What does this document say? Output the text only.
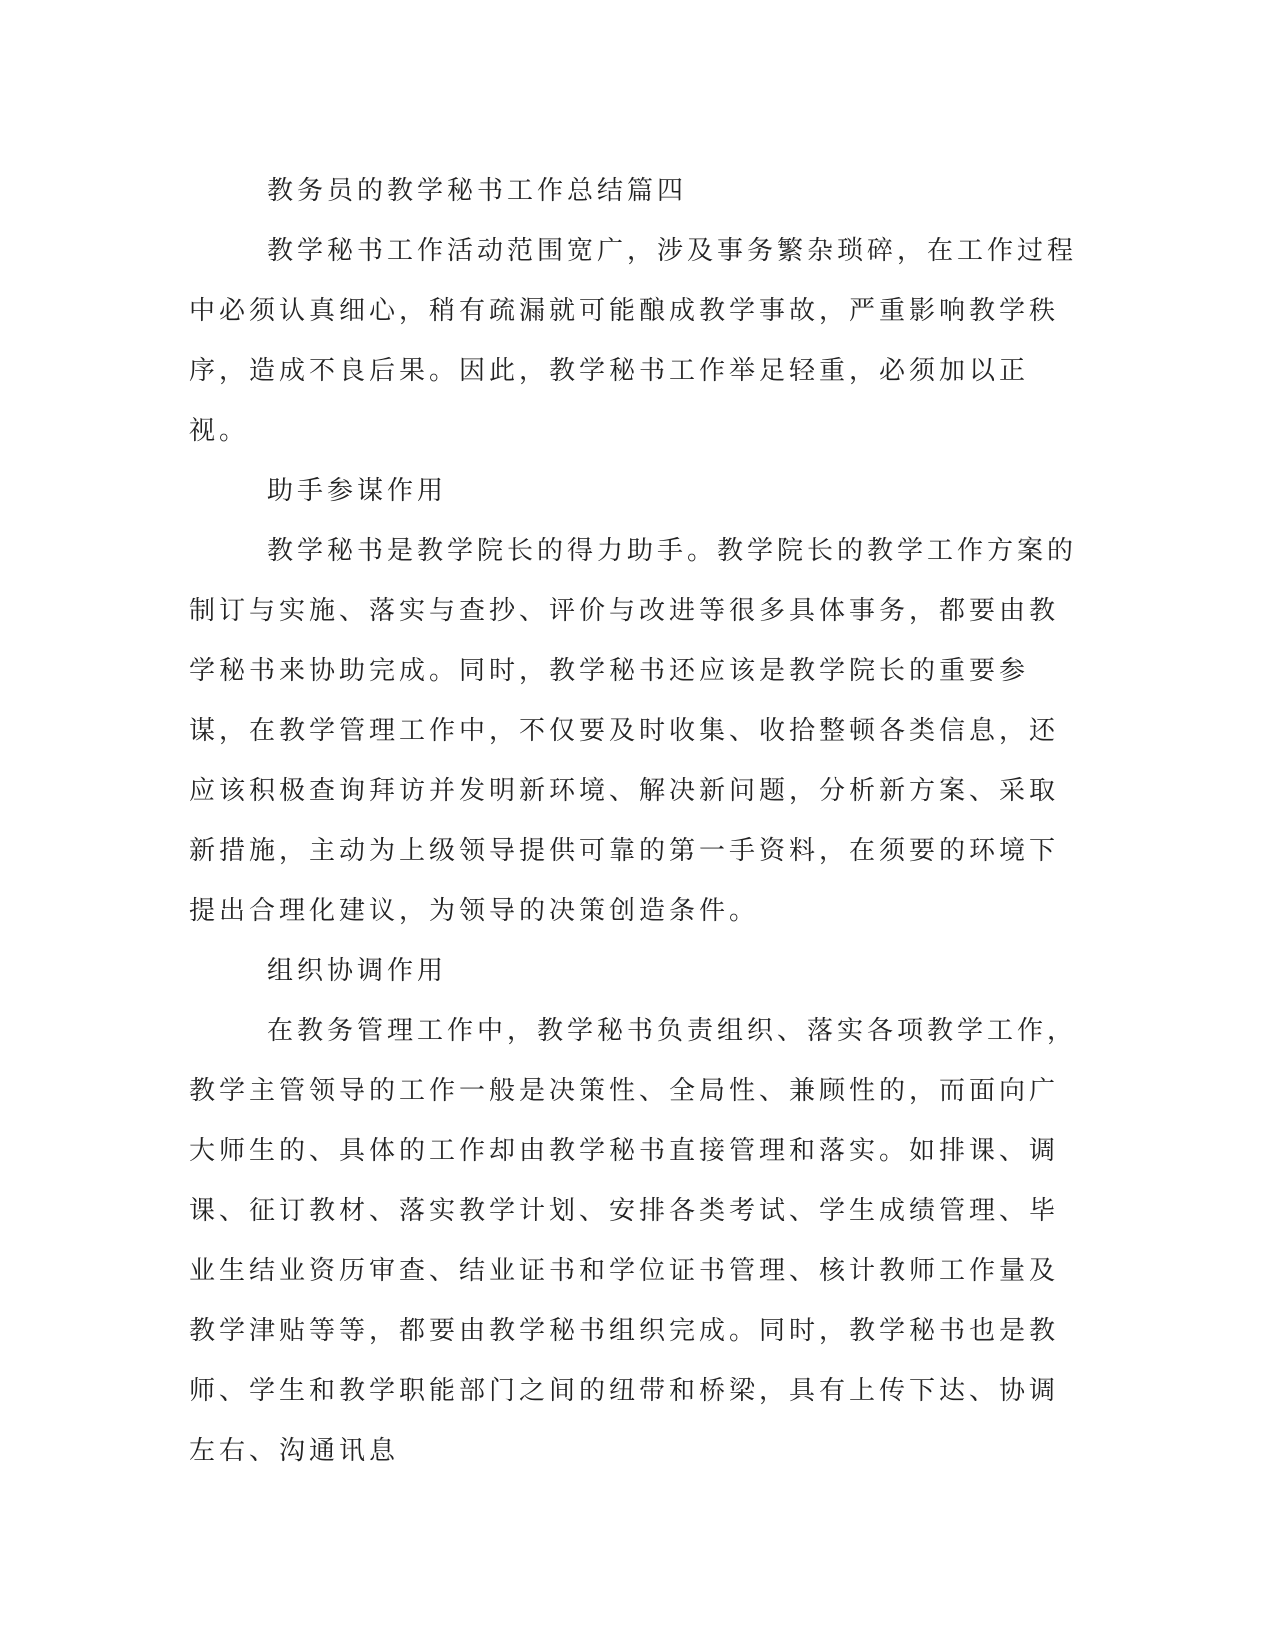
教务员的教学秘书工作总结篇四

教学秘书工作活动范围宽广，涉及事务繁杂琐碎，在工作过程中必须认真细心，稍有疏漏就可能酿成教学事故，严重影响教学秩序，造成不良后果。因此，教学秘书工作举足轻重，必须加以正视。

助手参谋作用

教学秘书是教学院长的得力助手。教学院长的教学工作方案的制订与实施、落实与查抄、评价与改进等很多具体事务，都要由教学秘书来协助完成。同时，教学秘书还应该是教学院长的重要参谋，在教学管理工作中，不仅要及时收集、收拾整顿各类信息，还应该积极查询拜访并发明新环境、解决新问题，分析新方案、采取新措施，主动为上级领导提供可靠的第一手资料，在须要的环境下提出合理化建议，为领导的决策创造条件。

组织协调作用

在教务管理工作中，教学秘书负责组织、落实各项教学工作，教学主管领导的工作一般是决策性、全局性、兼顾性的，而面向广大师生的、具体的工作却由教学秘书直接管理和落实。如排课、调课、征订教材、落实教学计划、安排各类考试、学生成绩管理、毕业生结业资历审查、结业证书和学位证书管理、核计教师工作量及教学津贴等等，都要由教学秘书组织完成。同时，教学秘书也是教师、学生和教学职能部门之间的纽带和桥梁，具有上传下达、协调左右、沟通讯息
